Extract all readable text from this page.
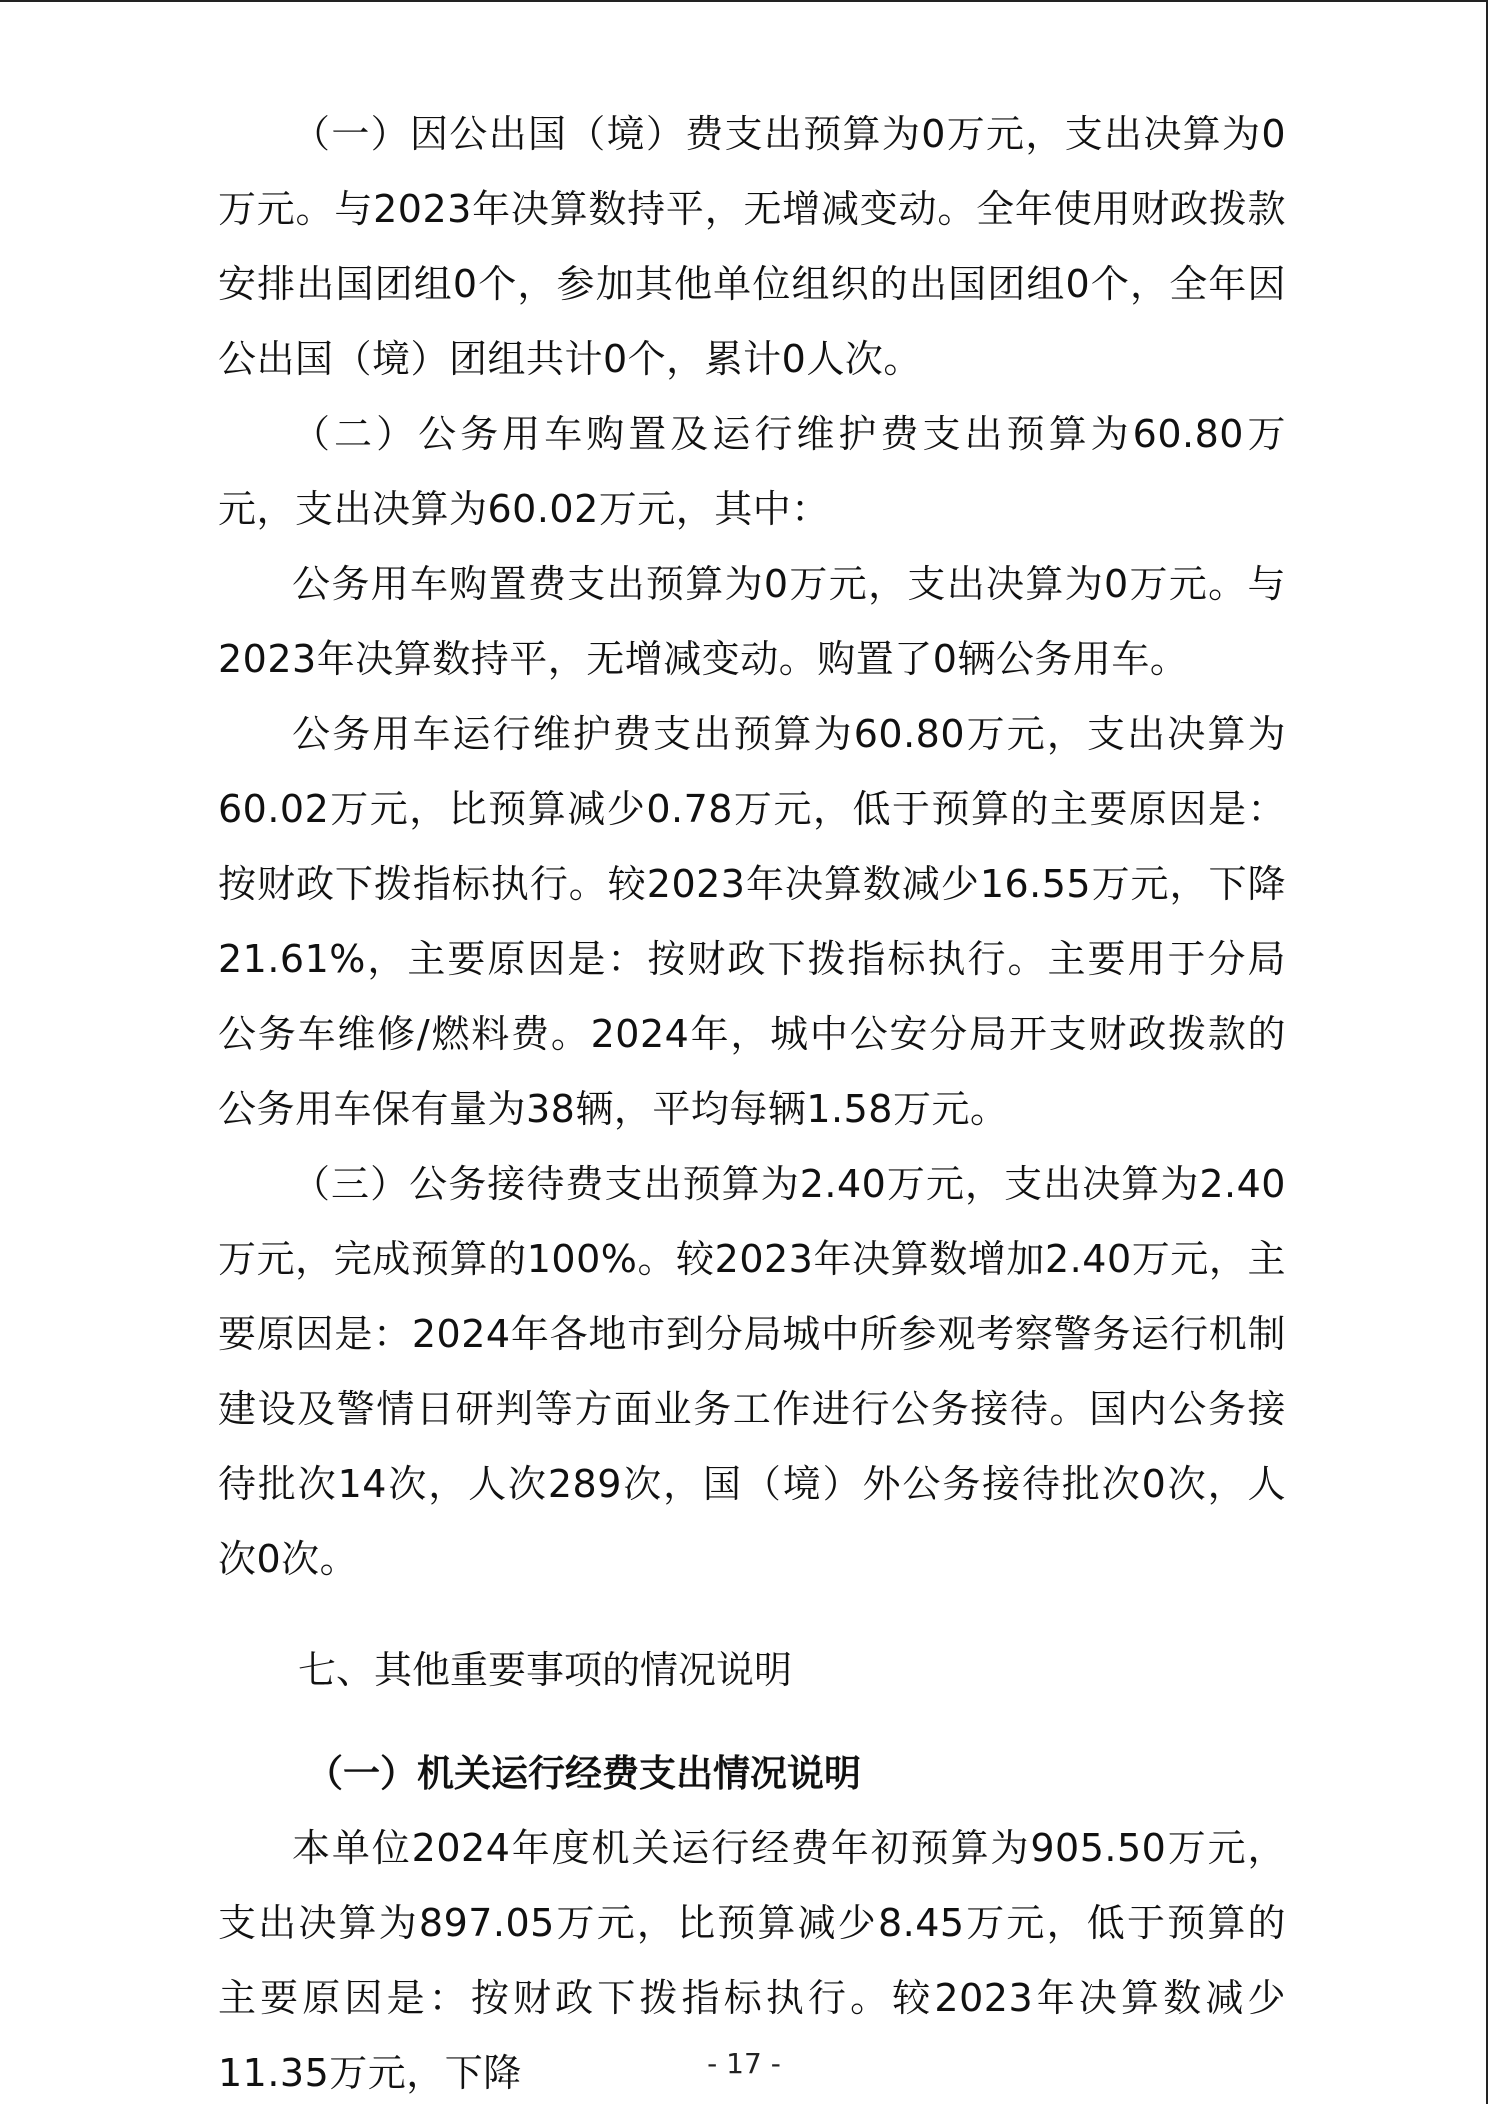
（一）因公出国（境）费支出预算为0万元，支出决算为0万元。与2023年决算数持平，无增减变动。全年使用财政拨款安排出国团组0个，参加其他单位组织的出国团组0个，全年因公出国（境）团组共计0个，累计0人次。

（二）公务用车购置及运行维护费支出预算为60.80万元，支出决算为60.02万元，其中：

公务用车购置费支出预算为0万元，支出决算为0万元。与2023年决算数持平，无增减变动。购置了0辆公务用车。

公务用车运行维护费支出预算为60.80万元，支出决算为60.02万元，比预算减少0.78万元，低于预算的主要原因是：按财政下拨指标执行。较2023年决算数减少16.55万元，下降21.61%，主要原因是：按财政下拨指标执行。主要用于分局公务车维修/燃料费。2024年，城中公安分局开支财政拨款的公务用车保有量为38辆，平均每辆1.58万元。

（三）公务接待费支出预算为2.40万元，支出决算为2.40万元，完成预算的100%。较2023年决算数增加2.40万元，主要原因是：2024年各地市到分局城中所参观考察警务运行机制建设及警情日研判等方面业务工作进行公务接待。国内公务接待批次14次，人次289次，国（境）外公务接待批次0次，人次0次。

七、其他重要事项的情况说明
（一）机关运行经费支出情况说明

本单位2024年度机关运行经费年初预算为905.50万元，支出决算为897.05万元，比预算减少8.45万元，低于预算的主要原因是：按财政下拨指标执行。较2023年决算数减少11.35万元，下降	- 17 -
